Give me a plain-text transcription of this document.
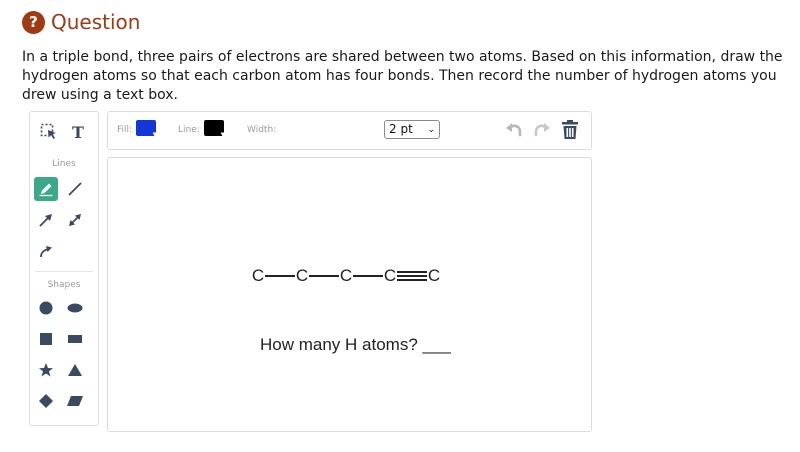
? Question
In a triple bond, three pairs of electrons are shared between two atoms. Based on this information, draw the hydrogen atoms so that each carbon atom has four bonds. Then record the number of hydrogen atoms you drew using a text box.
T
Lines
Shapes
Fill:	▼ Line:	▼ Width:	2 pt ⌄
C C C C C
How many H atoms? ___
